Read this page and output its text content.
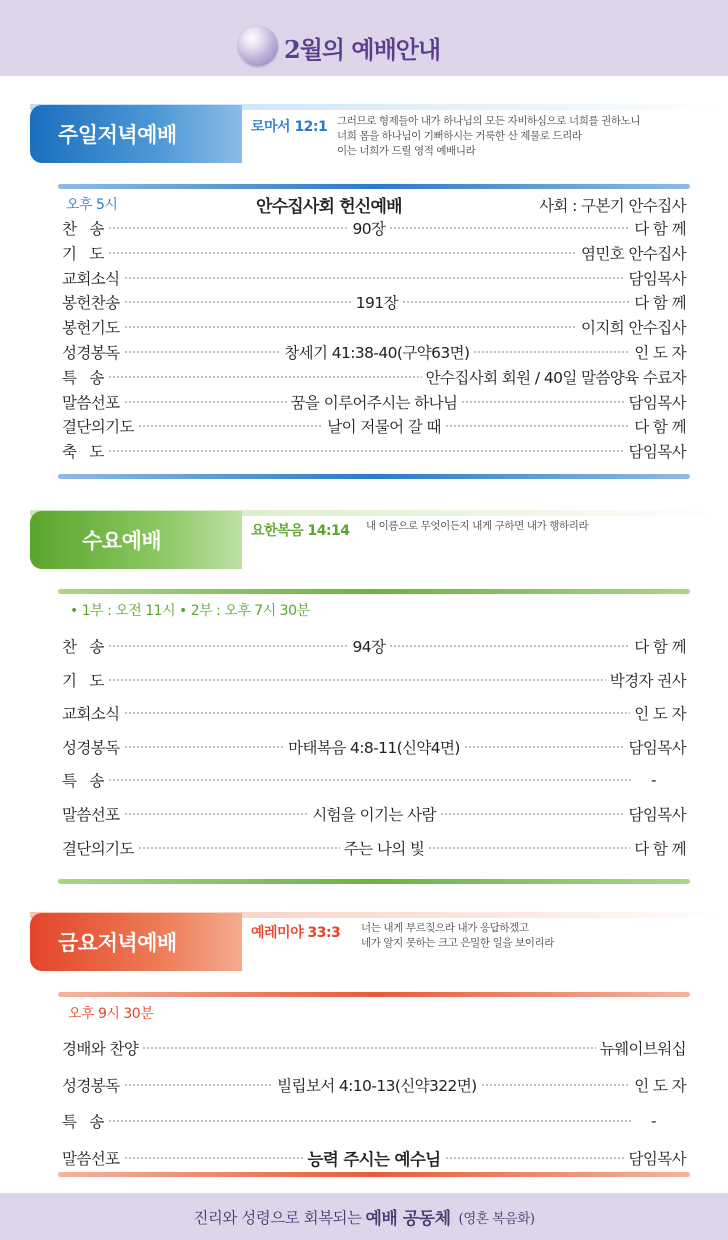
2월의 예배안내
주일저녁예배	로마서 12:1 그러므로 형제들아 내가 하나님의 모든 자비하심으로 너희를 권하노니
너희 몸을 하나님이 기뻐하시는 거룩한 산 제물로 드리라
이는 너희가 드릴 영적 예배니라
오후 5시	안수집사회 헌신예배	사회 : 구본기 안수집사
찬   송	90장	다 함 께
기   도	염민호 안수집사
교회소식	담임목사
봉헌찬송	191장	다 함 께
봉헌기도	이지희 안수집사
성경봉독	창세기 41:38-40(구약63면)	인 도 자
특   송	안수집사회 회원 / 40일 말씀양육 수료자
말씀선포	꿈을 이루어주시는 하나님	담임목사
결단의기도	날이 저물어 갈 때	다 함 께
축   도	담임목사
수요예배	요한복음 14:14 내 이름으로 무엇이든지 내게 구하면 내가 행하리라
• 1부 : 오전 11시 • 2부 : 오후 7시 30분
찬   송	94장	다 함 께
기   도	박경자 권사
교회소식	인 도 자
성경봉독	마태복음 4:8-11(신약4면)	담임목사
특   송	-
말씀선포	시험을 이기는 사람	담임목사
결단의기도	주는 나의 빛	다 함 께
금요저녁예배	예레미야 33:3 너는 내게 부르짖으라 내가 응답하겠고
네가 알지 못하는 크고 은밀한 일을 보이리라
오후 9시 30분
경배와 찬양	뉴웨이브워십
성경봉독	빌립보서 4:10-13(신약322면)	인 도 자
특   송	-
말씀선포	능력 주시는 예수님	담임목사
진리와 성령으로 회복되는 예배 공동체 (영혼 복음화)
